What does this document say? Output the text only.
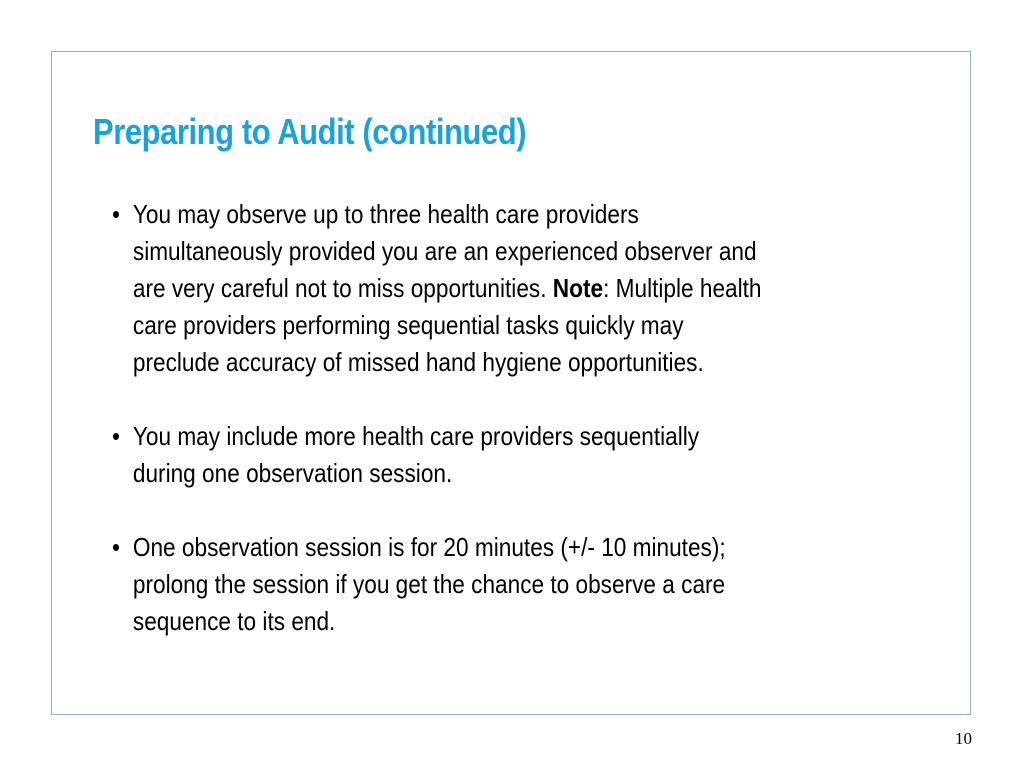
Preparing to Audit (continued)
• You may observe up to three health care providers
simultaneously provided you are an experienced observer and
are very careful not to miss opportunities. Note: Multiple health
care providers performing sequential tasks quickly may
preclude accuracy of missed hand hygiene opportunities.
• You may include more health care providers sequentially
during one observation session.
• One observation session is for 20 minutes (+/- 10 minutes);
prolong the session if you get the chance to observe a care
sequence to its end.
10
